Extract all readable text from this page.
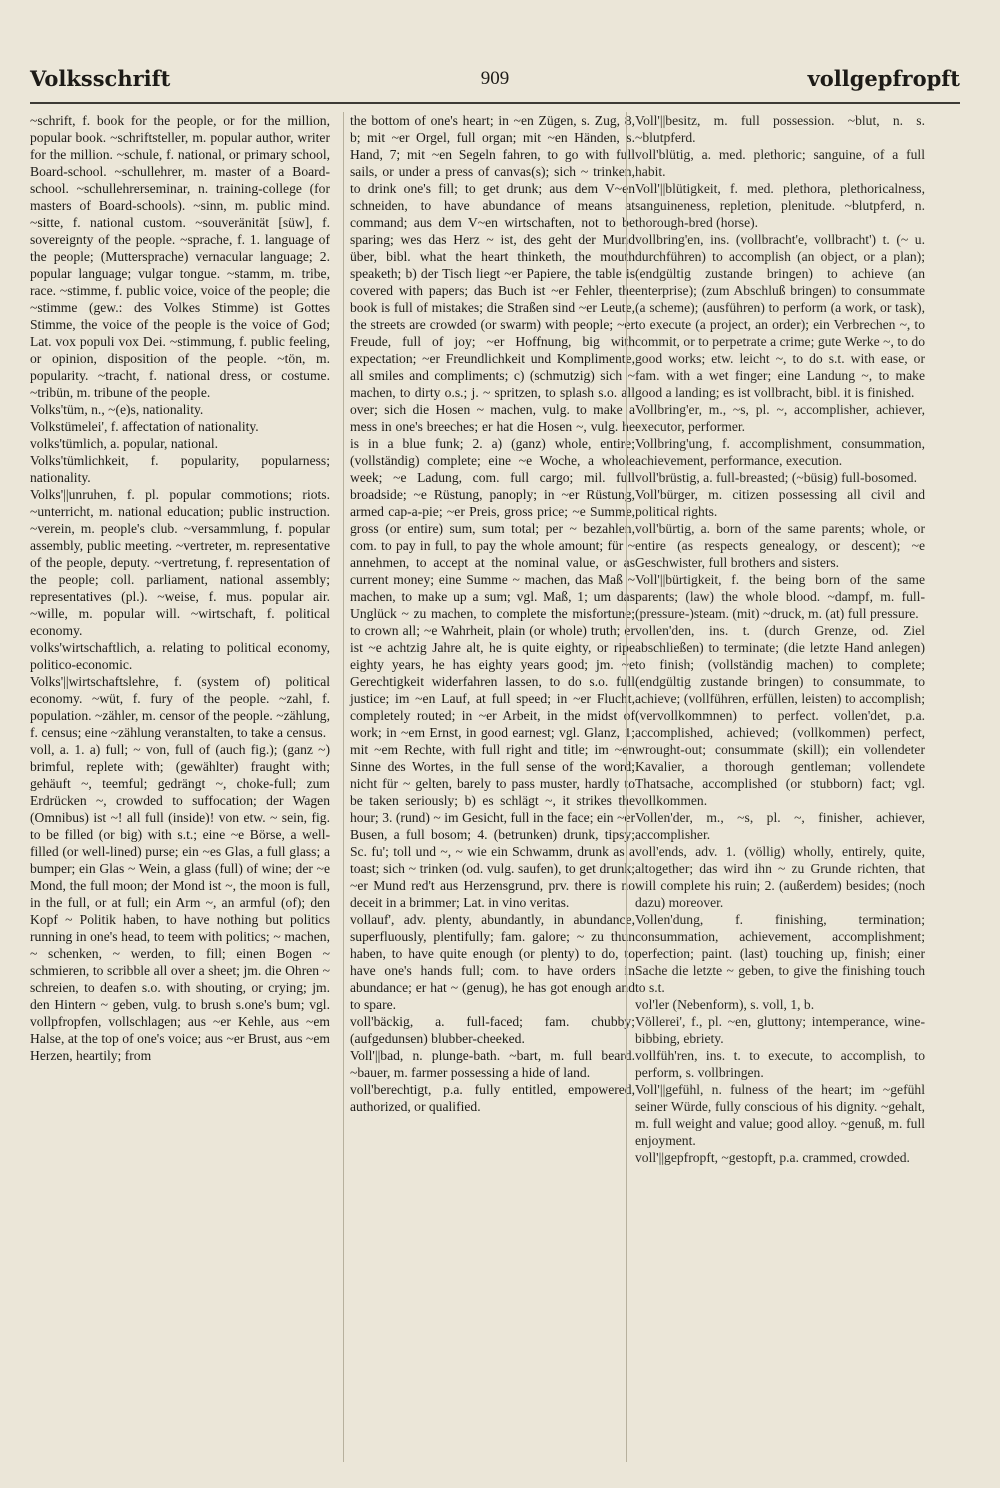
Volksschrift	909	vollgepfropft

~schrift, f. book for the people, or for the million, popular book. ~schriftsteller, m. popular author, writer for the million. ~schule, f. national, or primary school, Board-school. ~schullehrer, m. master of a Board-school. ~schullehrerseminar, n. training-college (for masters of Board-schools). ~sinn, m. public mind. ~sitte, f. national custom. ~souveränität [süw], f. sovereignty of the people. ~sprache, f. 1. language of the people; (Muttersprache) vernacular language; 2. popular language; vulgar tongue. ~stamm, m. tribe, race. ~stimme, f. public voice, voice of the people; die ~stimme (gew.: des Volkes Stimme) ist Gottes Stimme, the voice of the people is the voice of God; Lat. vox populi vox Dei. ~stimmung, f. public feeling, or opinion, disposition of the people. ~tön, m. popularity. ~tracht, f. national dress, or costume. ~tribün, m. tribune of the people.

Volks'tüm, n., ~(e)s, nationality.

Volkstümelei', f. affectation of nationality.

volks'tümlich, a. popular, national.

Volks'tümlichkeit, f. popularity, popularness; nationality.

Volks'||unruhen, f. pl. popular commotions; riots. ~unterricht, m. national education; public instruction. ~verein, m. people's club. ~versammlung, f. popular assembly, public meeting. ~vertreter, m. representative of the people, deputy. ~vertretung, f. representation of the people; coll. parliament, national assembly; representatives (pl.). ~weise, f. mus. popular air. ~wille, m. popular will. ~wirtschaft, f. political economy.

volks'wirtschaftlich, a. relating to political economy, politico-economic.

Volks'||wirtschaftslehre, f. (system of) political economy. ~wüt, f. fury of the people. ~zahl, f. population. ~zähler, m. censor of the people. ~zählung, f. census; eine ~zählung veranstalten, to take a census.

voll, a. 1. a) full; ~ von, full of (auch fig.); (ganz ~) brimful, replete with; (gewählter) fraught with; gehäuft ~, teemful; gedrängt ~, choke-full; zum Erdrücken ~, crowded to suffocation; der Wagen (Omnibus) ist ~! all full (inside)! von etw. ~ sein, fig. to be filled (or big) with s.t.; eine ~e Börse, a well-filled (or well-lined) purse; ein ~es Glas, a full glass; a bumper; ein Glas ~ Wein, a glass (full) of wine; der ~e Mond, the full moon; der Mond ist ~, the moon is full, in the full, or at full; ein Arm ~, an armful (of); den Kopf ~ Politik haben, to have nothing but politics running in one's head, to teem with politics; ~ machen, ~ schenken, ~ werden, to fill; einen Bogen ~ schmieren, to scribble all over a sheet; jm. die Ohren ~ schreien, to deafen s.o. with shouting, or crying; jm. den Hintern ~ geben, vulg. to brush s.one's bum; vgl. vollpfropfen, vollschlagen; aus ~er Kehle, aus ~em Halse, at the top of one's voice; aus ~er Brust, aus ~em Herzen, heartily; from

the bottom of one's heart; in ~en Zügen, s. Zug, 8, b; mit ~er Orgel, full organ; mit ~en Händen, s. Hand, 7; mit ~en Segeln fahren, to go with full sails, or under a press of canvas(s); sich ~ trinken, to drink one's fill; to get drunk; aus dem V~en schneiden, to have abundance of means at command; aus dem V~en wirtschaften, not to be sparing; wes das Herz ~ ist, des geht der Mund über, bibl. what the heart thinketh, the mouth speaketh; b) der Tisch liegt ~er Papiere, the table is covered with papers; das Buch ist ~er Fehler, the book is full of mistakes; die Straßen sind ~er Leute, the streets are crowded (or swarm) with people; ~er Freude, full of joy; ~er Hoffnung, big with expectation; ~er Freundlichkeit und Komplimente, all smiles and compliments; c) (schmutzig) sich ~ machen, to dirty o.s.; j. ~ spritzen, to splash s.o. all over; sich die Hosen ~ machen, vulg. to make a mess in one's breeches; er hat die Hosen ~, vulg. he is in a blue funk; 2. a) (ganz) whole, entire; (vollständig) complete; eine ~e Woche, a whole week; ~e Ladung, com. full cargo; mil. full broadside; ~e Rüstung, panoply; in ~er Rüstung, armed cap-a-pie; ~er Preis, gross price; ~e Summe, gross (or entire) sum, sum total; per ~ bezahlen, com. to pay in full, to pay the whole amount; für ~ annehmen, to accept at the nominal value, or as current money; eine Summe ~ machen, das Maß ~ machen, to make up a sum; vgl. Maß, 1; um das Unglück ~ zu machen, to complete the misfortune; to crown all; ~e Wahrheit, plain (or whole) truth; er ist ~e achtzig Jahre alt, he is quite eighty, or ripe eighty years, he has eighty years good; jm. ~e Gerechtigkeit widerfahren lassen, to do s.o. full justice; im ~en Lauf, at full speed; in ~er Flucht, completely routed; in ~er Arbeit, in the midst of work; in ~em Ernst, in good earnest; vgl. Glanz, 1; mit ~em Rechte, with full right and title; im ~en Sinne des Wortes, in the full sense of the word; nicht für ~ gelten, barely to pass muster, hardly to be taken seriously; b) es schlägt ~, it strikes the hour; 3. (rund) ~ im Gesicht, full in the face; ein ~er Busen, a full bosom; 4. (betrunken) drunk, tipsy; Sc. fu'; toll und ~, ~ wie ein Schwamm, drunk as a toast; sich ~ trinken (od. vulg. saufen), to get drunk; ~er Mund red't aus Herzensgrund, prv. there is no deceit in a brimmer; Lat. in vino veritas.

vollauf', adv. plenty, abundantly, in abundance, superfluously, plentifully; fam. galore; ~ zu thun haben, to have quite enough (or plenty) to do, to have one's hands full; com. to have orders in abundance; er hat ~ (genug), he has got enough and to spare.

voll'bäckig, a. full-faced; fam. chubby; (aufgedunsen) blubber-cheeked.

Voll'||bad, n. plunge-bath. ~bart, m. full beard. ~bauer, m. farmer possessing a hide of land.

voll'berechtigt, p.a. fully entitled, empowered, authorized, or qualified.

Voll'||besitz, m. full possession. ~blut, n. s. ~blutpferd.

voll'blütig, a. med. plethoric; sanguine, of a full habit.

Voll'||blütigkeit, f. med. plethora, plethoricalness, sanguineness, repletion, plenitude. ~blutpferd, n. thorough-bred (horse).

vollbring'en, ins. (vollbracht'e, vollbracht') t. (~ u. durchführen) to accomplish (an object, or a plan); (endgültig zustande bringen) to achieve (an enterprise); (zum Abschluß bringen) to consummate (a scheme); (ausführen) to perform (a work, or task), to execute (a project, an order); ein Verbrechen ~, to commit, or to perpetrate a crime; gute Werke ~, to do good works; etw. leicht ~, to do s.t. with ease, or fam. with a wet finger; eine Landung ~, to make good a landing; es ist vollbracht, bibl. it is finished.

Vollbring'er, m., ~s, pl. ~, accomplisher, achiever, executor, performer.

Vollbring'ung, f. accomplishment, consummation, achievement, performance, execution.

voll'brüstig, a. full-breasted; (~büsig) full-bosomed.

Voll'bürger, m. citizen possessing all civil and political rights.

voll'bürtig, a. born of the same parents; whole, or entire (as respects genealogy, or descent); ~e Geschwister, full brothers and sisters.

Voll'||bürtigkeit, f. the being born of the same parents; (law) the whole blood. ~dampf, m. full-(pressure-)steam. (mit) ~druck, m. (at) full pressure.

vollen'den, ins. t. (durch Grenze, od. Ziel abschließen) to terminate; (die letzte Hand anlegen) to finish; (vollständig machen) to complete; (endgültig zustande bringen) to consummate, to achieve; (vollführen, erfüllen, leisten) to accomplish; (vervollkommnen) to perfect. vollen'det, p.a. accomplished, achieved; (vollkommen) perfect, wrought-out; consummate (skill); ein vollendeter Kavalier, a thorough gentleman; vollendete Thatsache, accomplished (or stubborn) fact; vgl. vollkommen.

Vollen'der, m., ~s, pl. ~, finisher, achiever, accomplisher.

voll'ends, adv. 1. (völlig) wholly, entirely, quite, altogether; das wird ihn ~ zu Grunde richten, that will complete his ruin; 2. (außerdem) besides; (noch dazu) moreover.

Vollen'dung, f. finishing, termination; consummation, achievement, accomplishment; perfection; paint. (last) touching up, finish; einer Sache die letzte ~ geben, to give the finishing touch to s.t.

vol'ler (Nebenform), s. voll, 1, b.

Völlerei', f., pl. ~en, gluttony; intemperance, wine-bibbing, ebriety.

vollfüh'ren, ins. t. to execute, to accomplish, to perform, s. vollbringen.

Voll'||gefühl, n. fulness of the heart; im ~gefühl seiner Würde, fully conscious of his dignity. ~gehalt, m. full weight and value; good alloy. ~genuß, m. full enjoyment.

voll'||gepfropft, ~gestopft, p.a. crammed, crowded.
